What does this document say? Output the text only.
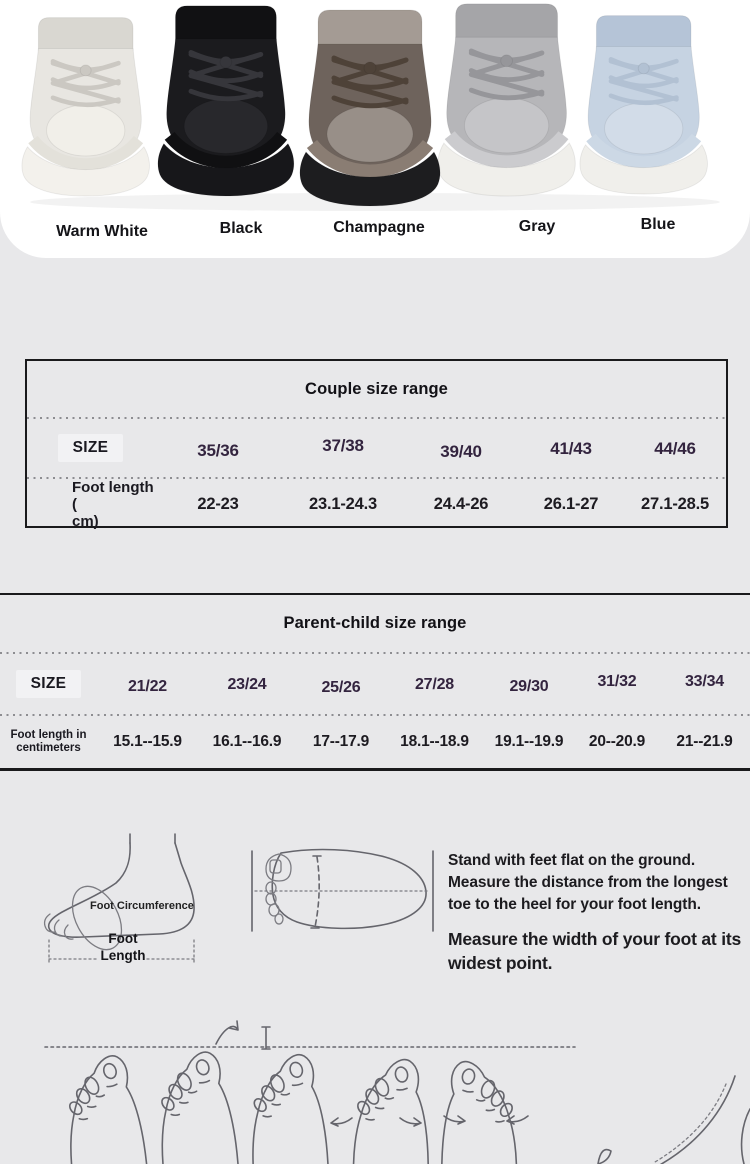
Warm White	Black	Champagne	Gray	Blue
Couple size range
SIZE	35/36	37/38	39/40	41/43	44/46
Foot length (
cm)
22-23	23.1-24.3	24.4-26	26.1-27	27.1-28.5
Parent-child size range
SIZE	21/22	23/24	25/26	27/28	29/30	31/32	33/34
Foot length in
centimeters	15.1--15.9	16.1--16.9	17--17.9	18.1--18.9	19.1--19.9	20--20.9	21--21.9
Foot Circumference
Foot
Length

Stand with feet flat on the ground. Measure the distance from the longest toe to the heel for your foot length.

Measure the width of your foot at its widest point.
